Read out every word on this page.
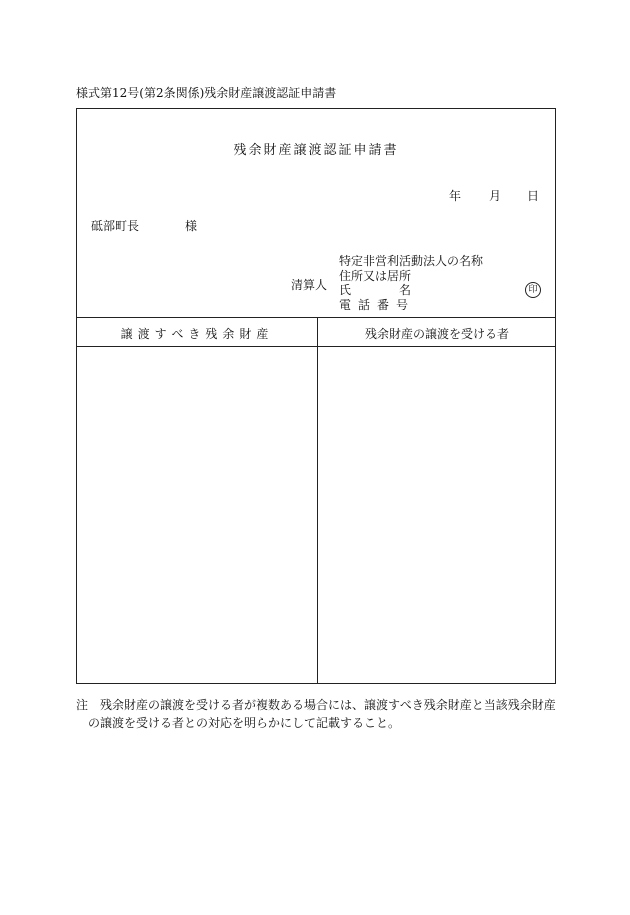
様式第12号(第2条関係)残余財産譲渡認証申請書
残余財産譲渡認証申請書
年	月	日
砥部町長	様
清算人
特定非営利活動法人の名称
住所又は居所
氏	名
電話番号
印
譲渡すべき残余財産	残余財産の譲渡を受ける者
注 残余財産の譲渡を受ける者が複数ある場合には、譲渡すべき残余財産と当該残余財産
の譲渡を受ける者との対応を明らかにして記載すること。
